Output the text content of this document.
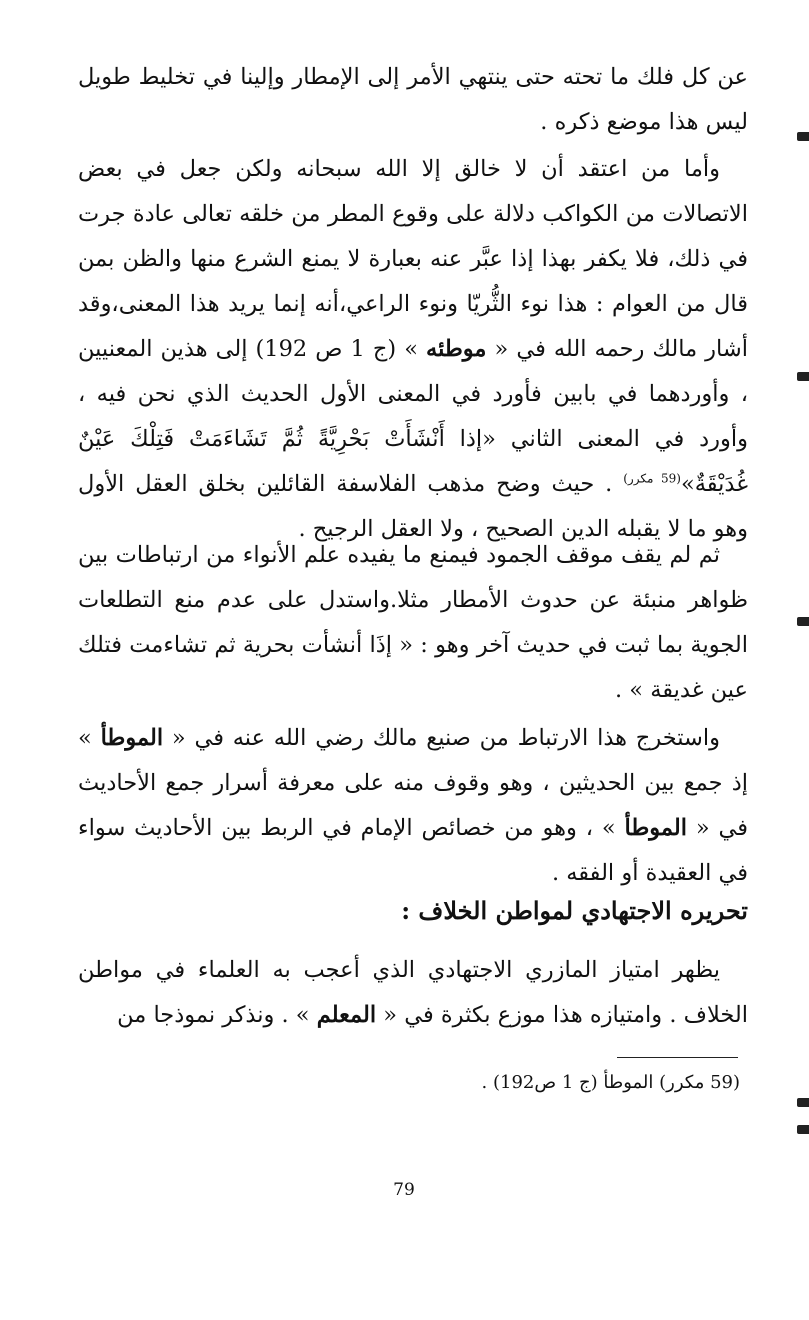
عن كل فلك ما تحته حتى ينتهي الأمر إلى الإمطار وإلينا في تخليط طويل ليس هذا موضع ذكره .

وأما من اعتقد أن لا خالق إلا الله سبحانه ولكن جعل في بعض الاتصالات من الكواكب دلالة على وقوع المطر من خلقه تعالى عادة جرت في ذلك، فلا يكفر بهذا إذا عبَّر عنه بعبارة لا يمنع الشرع منها والظن بمن قال من العوام : هذا نوء الثُّريّا ونوء الراعي،أنه إنما يريد هذا المعنى،وقد أشار مالك رحمه الله في « موطئه » (ج 1 ص 192) إلى هذين المعنيين ، وأوردهما في بابين فأورد في المعنى الأول الحديث الذي نحن فيه ، وأورد في المعنى الثاني «إذا أَنْشَأَتْ بَحْرِيَّةً ثُمَّ تَشَاءَمَتْ فَتِلْكَ عَيْنٌ غُدَيْقَةٌ»$^{(59 مكرر)}$ . حيث وضح مذهب الفلاسفة القائلين بخلق العقل الأول وهو ما لا يقبله الدين الصحيح ، ولا العقل الرجيح .

ثم لم يقف موقف الجمود فيمنع ما يفيده علم الأنواء من ارتباطات بين ظواهر منبئة عن حدوث الأمطار مثلا.واستدل على عدم منع التطلعات الجوية بما ثبت في حديث آخر وهو : « إذَا أنشأت بحرية ثم تشاءمت فتلك عين غديقة » .

واستخرج هذا الارتباط من صنيع مالك رضي الله عنه في « الموطأ » إذ جمع بين الحديثين ، وهو وقوف منه على معرفة أسرار جمع الأحاديث في « الموطأ » ، وهو من خصائص الإمام في الربط بين الأحاديث سواء في العقيدة أو الفقه .

تحريره الاجتهادي لمواطن الخلاف :

يظهر امتياز المازري الاجتهادي الذي أعجب به العلماء في مواطن الخلاف . وامتيازه هذا موزع بكثرة في « المعلم » . ونذكر نموذجا من

(59 مكرر) الموطأ (ج 1 ص192) .

79
